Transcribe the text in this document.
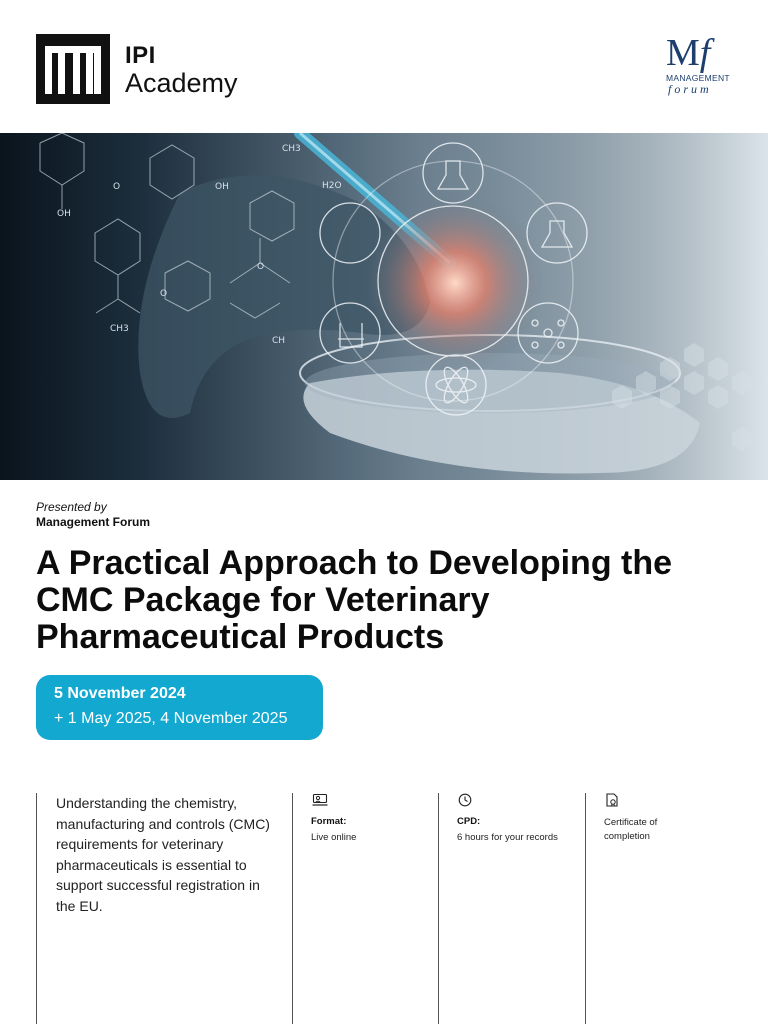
IPI
Academy
Mf
MANAGEMENT
forum
OH
OH
O
CH3
CH3
H2O
O
CH
O
Presented by
Management Forum
A Practical Approach to Developing the CMC Package for Veterinary Pharmaceutical Products
5 November 2024
+ 1 May 2025, 4 November 2025
Understanding the chemistry, manufacturing and controls (CMC) requirements for veterinary pharmaceuticals is essential to support successful registration in the EU.
Format:
Live online
CPD:
6 hours for your records
Certificate of completion
